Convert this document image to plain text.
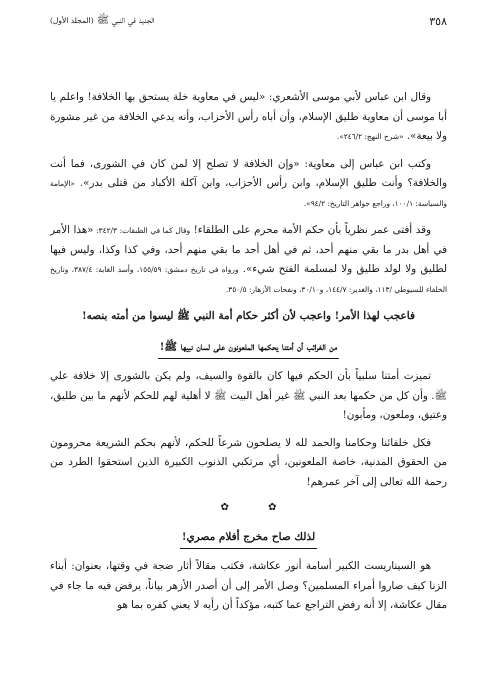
٣٥٨
الجديد في النبي ﷺ (المجلد الأول)

وقال ابن عباس لأبي موسى الأشعري: «ليس في معاوية خلة يستحق بها الخلافة! واعلم يا أبا موسى أن معاوية طليق الإسلام، وأن أباه رأس الأحزاب، وأنه يدعي الخلافة من غير مشورة ولا بيعة». «شرح النهج: ٢٤٦/٢».

وكتب ابن عباس إلى معاوية: «وإن الخلافة لا تصلح إلا لمن كان في الشورى، فما أنت والخلافة؟ وأنت طليق الإسلام، وابن رأس الأحزاب، وابن آكلة الأكباد من قتلى بدر». «الإمامة والسياسة: ١٠٠/١، وراجع جواهر التاريخ: ٩٤/٢».

وقد أفتى عمر نظرياً بأن حكم الأمة محرم على الطلقاء! وقال كما في الطبقات: ٣٤٢/٣: «هذا الأمر في أهل بدر ما بقي منهم أحد، ثم في أهل أحد ما بقي منهم أحد، وفي كذا وكذا، وليس فيها لطليق ولا لولد طليق ولا لمسلمة الفتح شيء». ورواه في تاريخ دمشق: ١٥٥/٥٩، وأسد الغابة: ٣٨٧/٤، وتاريخ الخلفاء للسيوطي /١١٣، والغدير: ١٤٤/٧، و٣٠/١٠، ونفحات الأزهار: ٣٥٠/٥.

فاعجب لهذا الأمر! واعجب لأن أكثر حكام أمة النبي ﷺ ليسوا من أمته بنصه!
من الغرائب أن أمتنا يحكمها الملعونون على لسان نبيها ﷺ!

تميزت أمتنا سلبياً بأن الحكم فيها كان بالقوة والسيف، ولم يكن بالشورى إلا خلافة علي ﷺ. وأن كل من حكمها بعد النبي ﷺ غير أهل البيت ﷺ لا أهلية لهم للحكم لأنهم ما بين طليق، وعتيق، وملعون، ومأبون!

فكل خلفائنا وحكامنا والحمد لله لا يصلحون شرعاً للحكم، لأنهم بحكم الشريعة محرومون من الحقوق المدنية، خاصة الملعونين، أي مرتكبي الذنوب الكبيرة الذين استحقوا الطرد من رحمة الله تعالى إلى آخر عمرهم!

✿ ✿
لذلك صاح مخرج أفلام مصري!

هو السيناريست الكبير أسامة أنور عكاشة، فكتب مقالاً أثار ضجة في وقتها، بعنوان: أبناء الزنا كيف صاروا أمراء المسلمين؟ وصل الأمر إلى أن أصدر الأزهر بياناً، يرفض فيه ما جاء في مقال عكاشة، إلا أنه رفض التراجع عما كتبه، مؤكداً أن رأيه لا يعني كفره بما هو
